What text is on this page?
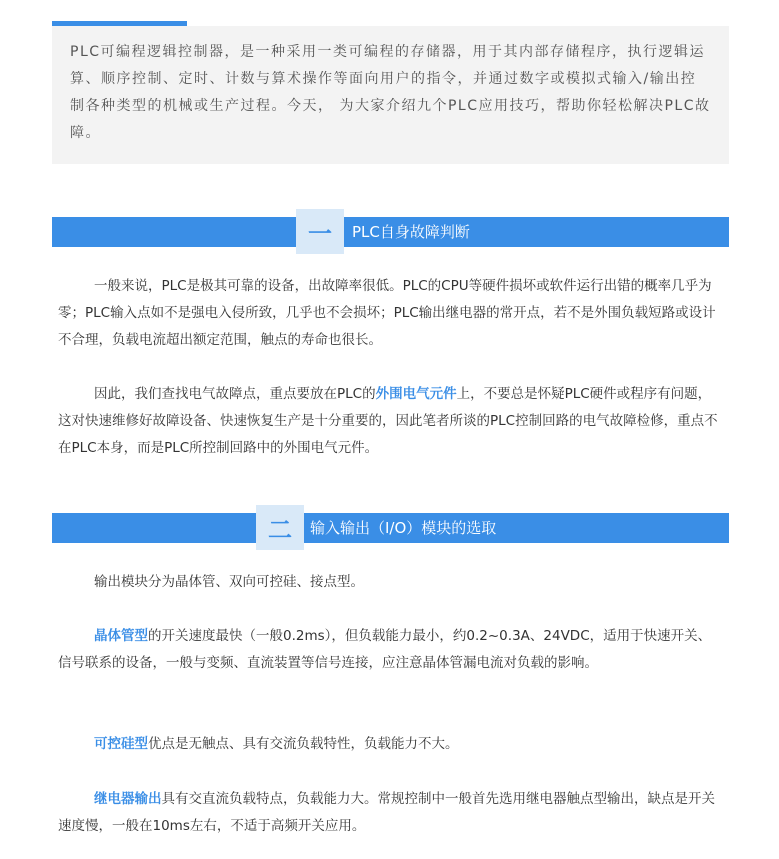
PLC可编程逻辑控制器，是一种采用一类可编程的存储器，用于其内部存储程序，执行逻辑运算、顺序控制、定时、计数与算术操作等面向用户的指令，并通过数字或模拟式输入/输出控制各种类型的机械或生产过程。今天， 为大家介绍九个PLC应用技巧，帮助你轻松解决PLC故障。

一 PLC自身故障判断

一般来说，PLC是极其可靠的设备，出故障率很低。PLC的CPU等硬件损坏或软件运行出错的概率几乎为零；PLC输入点如不是强电入侵所致，几乎也不会损坏；PLC输出继电器的常开点，若不是外围负载短路或设计不合理，负载电流超出额定范围，触点的寿命也很长。

因此，我们查找电气故障点，重点要放在PLC的外围电气元件上，不要总是怀疑PLC硬件或程序有问题，这对快速维修好故障设备、快速恢复生产是十分重要的，因此笔者所谈的PLC控制回路的电气故障检修，重点不在PLC本身，而是PLC所控制回路中的外围电气元件。

二 输入输出（I/O）模块的选取

输出模块分为晶体管、双向可控硅、接点型。

晶体管型的开关速度最快（一般0.2ms），但负载能力最小，约0.2~0.3A、24VDC，适用于快速开关、 信号联系的设备，一般与变频、直流装置等信号连接，应注意晶体管漏电流对负载的影响。

可控硅型优点是无触点、具有交流负载特性，负载能力不大。

继电器输出具有交直流负载特点，负载能力大。常规控制中一般首先选用继电器触点型输出，缺点是开关速度慢，一般在10ms左右，不适于高频开关应用。
